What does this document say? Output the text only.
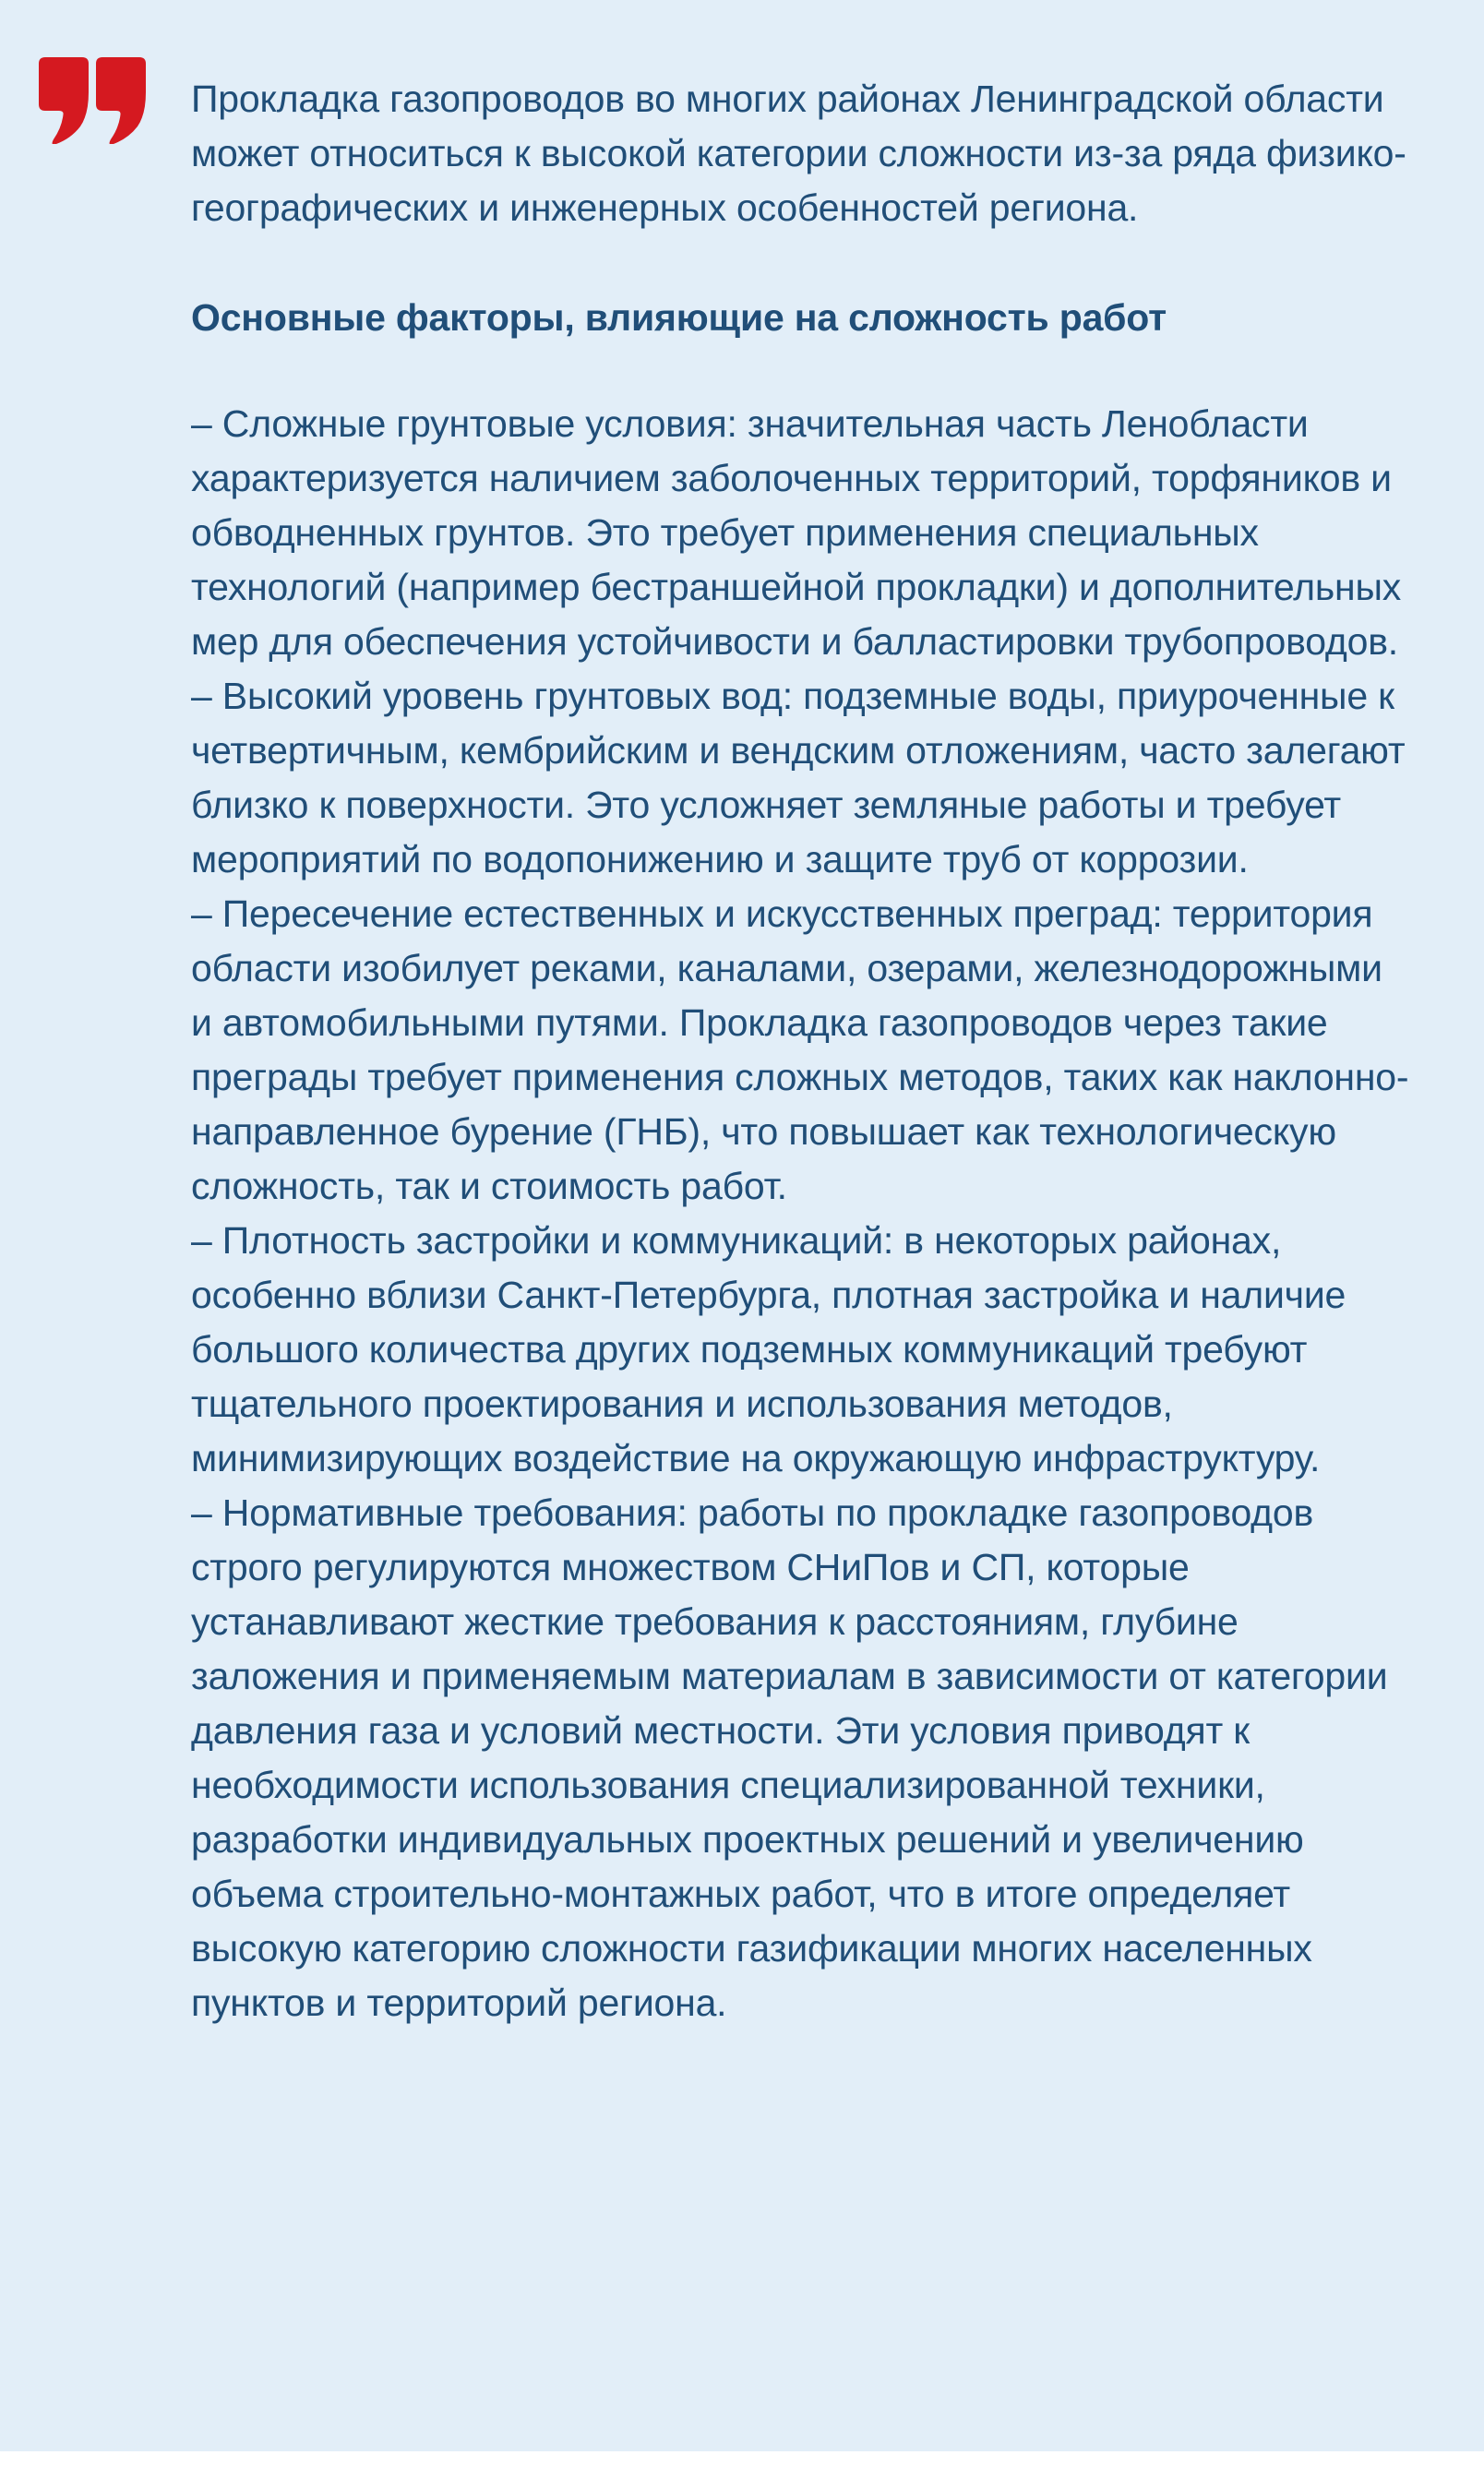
Прокладка газопроводов во многих районах Ленинградской области может относиться к высокой категории сложности из-за ряда физико-географических и инженерных особенностей региона.

Основные факторы, влияющие на сложность работ

– Сложные грунтовые условия: значительная часть Ленобласти характеризуется наличием заболоченных территорий, торфяников и обводненных грунтов. Это требует применения специальных технологий (например бестраншейной прокладки) и дополнительных мер для обеспечения устойчивости и балластировки трубопроводов.

– Высокий уровень грунтовых вод: подземные воды, приуроченные к четвертичным, кембрийским и вендским отложениям, часто залегают близко к поверхности. Это усложняет земляные работы и требует мероприятий по водопонижению и защите труб от коррозии.

– Пересечение естественных и искусственных преград: территория области изобилует реками, каналами, озерами, железнодорожными и автомобильными путями. Прокладка газопроводов через такие преграды требует применения сложных методов, таких как наклонно-направленное бурение (ГНБ), что повышает как технологическую сложность, так и стоимость работ.

– Плотность застройки и коммуникаций: в некоторых районах, особенно вблизи Санкт-Петербурга, плотная застройка и наличие большого количества других подземных коммуникаций требуют тщательного проектирования и использования методов, минимизирующих воздействие на окружающую инфраструктуру.

– Нормативные требования: работы по прокладке газопроводов строго регулируются множеством СНиПов и СП, которые устанавливают жесткие требования к расстояниям, глубине заложения и применяемым материалам в зависимости от категории давления газа и условий местности. Эти условия приводят к необходимости использования специализированной техники, разработки индивидуальных проектных решений и увеличению объема строительно-монтажных работ, что в итоге определяет высокую категорию сложности газификации многих населенных пунктов и территорий региона.
